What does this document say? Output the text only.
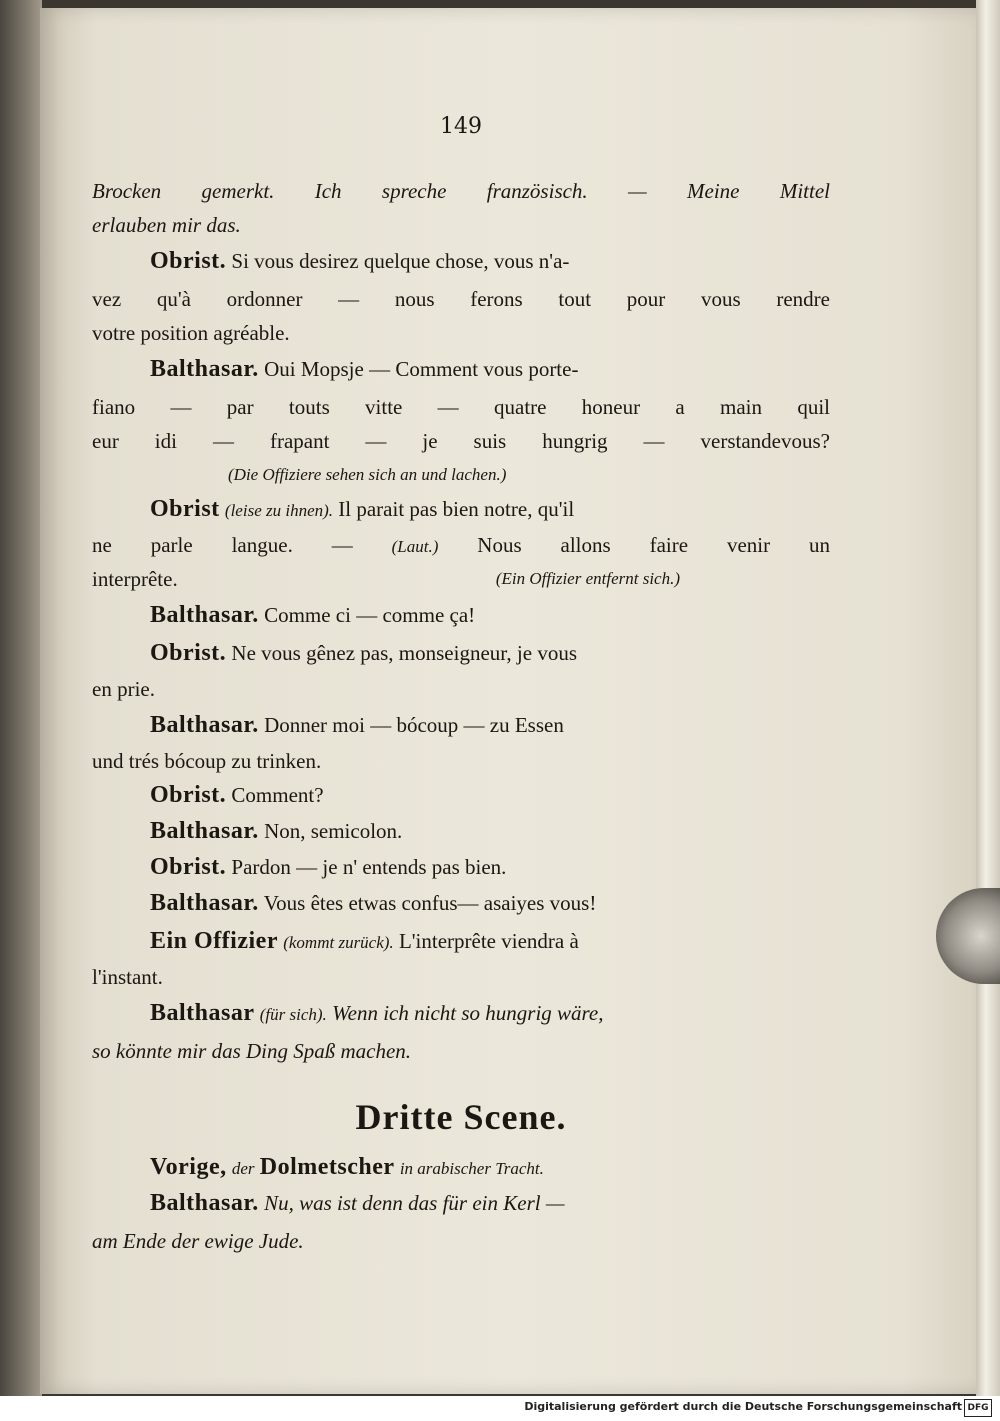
149
Brocken gemerkt. Ich spreche französisch. — Meine Mittel
erlauben mir das.
Obrist. Si vous desirez quelque chose, vous n'a-
vez qu'à ordonner — nous ferons tout pour vous rendre
votre position agréable.
Balthasar. Oui Mopsje — Comment vous porte-
fiano — par touts vitte — quatre honeur a main quil
eur idi — frapant — je suis hungrig — verstandevous?
(Die Offiziere sehen sich an und lachen.)
Obrist (leise zu ihnen). Il parait pas bien notre, qu'il
ne parle langue. — (Laut.) Nous allons faire venir un
interprête.	(Ein Offizier entfernt sich.)
Balthasar. Comme ci — comme ça!
Obrist. Ne vous gênez pas, monseigneur, je vous
en prie.
Balthasar. Donner moi — bócoup — zu Essen
und trés bócoup zu trinken.
Obrist. Comment?
Balthasar. Non, semicolon.
Obrist. Pardon — je n' entends pas bien.
Balthasar. Vous êtes etwas confus— asaiyes vous!
Ein Offizier (kommt zurück). L'interprête viendra à
l'instant.
Balthasar (für sich). Wenn ich nicht so hungrig wäre,
so könnte mir das Ding Spaß machen.
Dritte Scene.
Vorige, der Dolmetscher in arabischer Tracht.
Balthasar. Nu, was ist denn das für ein Kerl —
am Ende der ewige Jude.
Digitalisierung gefördert durch die Deutsche Forschungsgemeinschaft DFG
